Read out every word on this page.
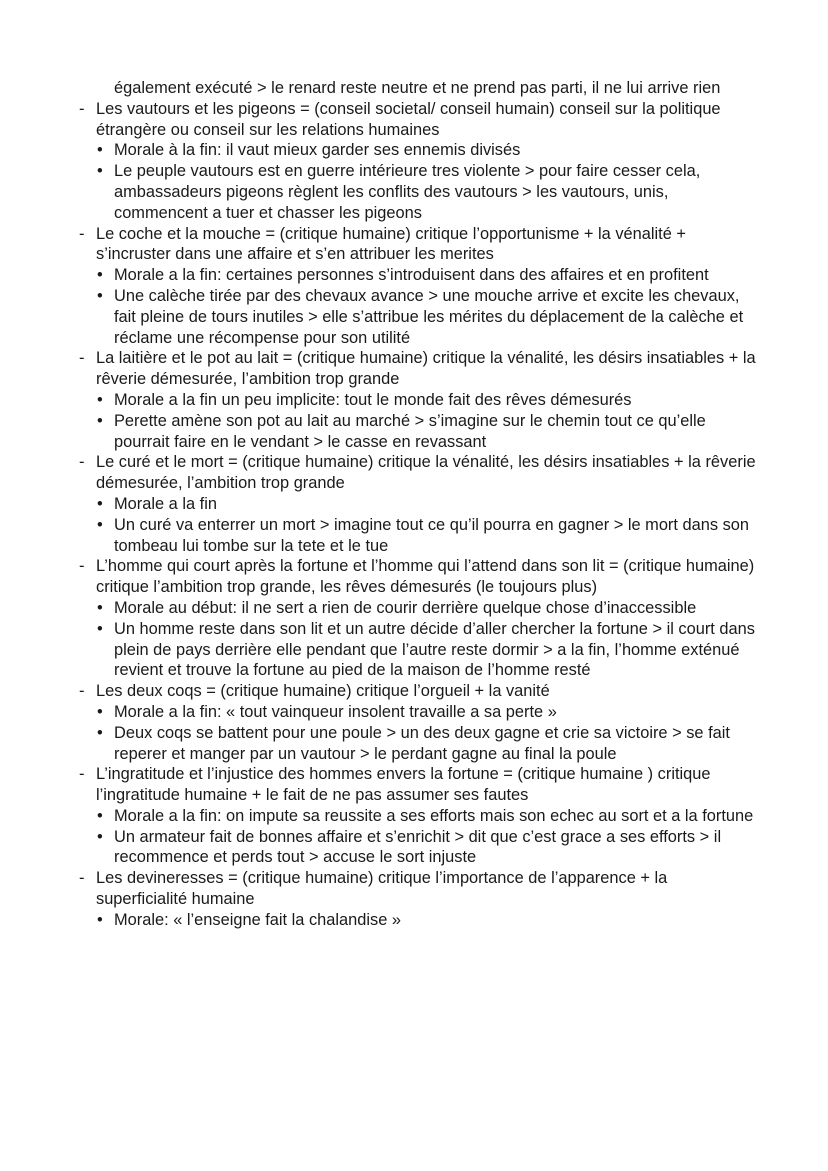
également exécuté > le renard reste neutre et ne prend pas parti, il ne lui arrive rien
- Les vautours et les pigeons = (conseil societal/ conseil humain) conseil sur la politique étrangère ou conseil sur les relations humaines
• Morale à la fin: il vaut mieux garder ses ennemis divisés
• Le peuple vautours est en guerre intérieure tres violente > pour faire cesser cela, ambassadeurs pigeons règlent les conflits des vautours > les vautours, unis, commencent a tuer et chasser les pigeons
- Le coche et la mouche = (critique humaine) critique l’opportunisme + la vénalité + s’incruster dans une affaire et s’en attribuer les merites
• Morale a la fin: certaines personnes s’introduisent dans des affaires et en profitent
• Une calèche tirée par des chevaux avance > une mouche arrive et excite les chevaux, fait pleine de tours inutiles > elle s’attribue les mérites du déplacement de la calèche et réclame une récompense pour son utilité
- La laitière et le pot au lait = (critique humaine) critique la vénalité, les désirs insatiables + la rêverie démesurée, l’ambition trop grande
• Morale a la fin un peu implicite: tout le monde fait des rêves démesurés
• Perette amène son pot au lait au marché > s’imagine sur le chemin tout ce qu’elle pourrait faire en le vendant > le casse en revassant
- Le curé et le mort = (critique humaine) critique la vénalité, les désirs insatiables + la rêverie démesurée, l’ambition trop grande
• Morale a la fin
• Un curé va enterrer un mort > imagine tout ce qu’il pourra en gagner > le mort dans son tombeau lui tombe sur la tete et le tue
- L’homme qui court après la fortune et l’homme qui l’attend dans son lit = (critique humaine) critique l’ambition trop grande, les rêves démesurés (le toujours plus)
• Morale au début: il ne sert a rien de courir derrière quelque chose d’inaccessible
• Un homme reste dans son lit et un autre décide d’aller chercher la fortune > il court dans plein de pays derrière elle pendant que l’autre reste dormir > a la fin, l’homme exténué revient et trouve la fortune au pied de la maison de l’homme resté
- Les deux coqs = (critique humaine) critique l’orgueil + la vanité
• Morale a la fin: « tout vainqueur insolent travaille a sa perte »
• Deux coqs se battent pour une poule > un des deux gagne et crie sa victoire > se fait reperer et manger par un vautour > le perdant gagne au final la poule
- L’ingratitude et l’injustice des hommes envers la fortune = (critique humaine ) critique l’ingratitude humaine + le fait de ne pas assumer ses fautes
• Morale a la fin: on impute sa reussite a ses efforts mais son echec au sort et a la fortune
• Un armateur fait de bonnes affaire et s’enrichit > dit que c’est grace a ses efforts > il recommence et perds tout > accuse le sort injuste
- Les devineresses = (critique humaine) critique l’importance de l’apparence + la superficialité humaine
• Morale: « l’enseigne fait la chalandise »
